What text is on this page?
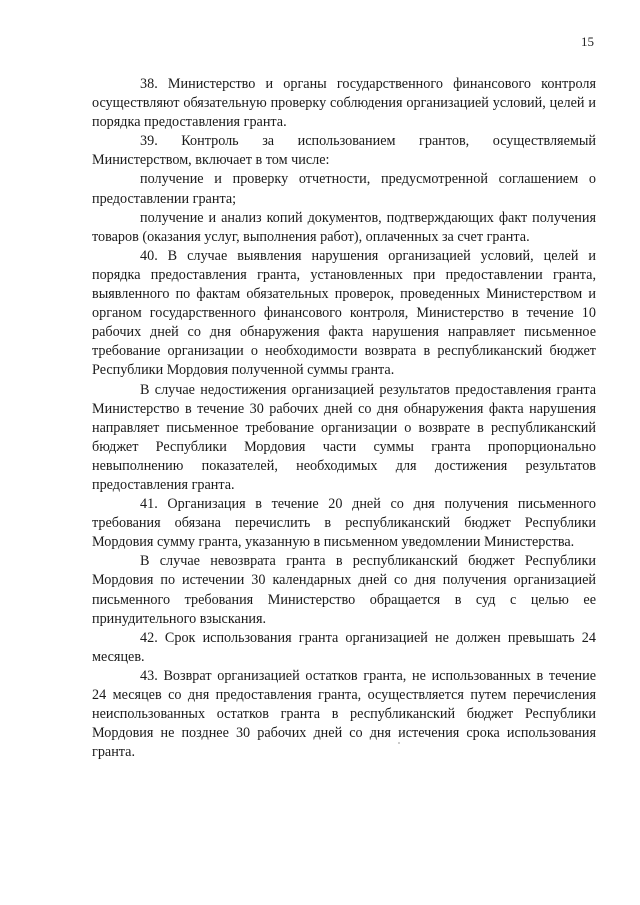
15

38. Министерство и органы государственного финансового контроля осуществляют обязательную проверку соблюдения организацией условий, целей и порядка предоставления гранта.

39. Контроль за использованием грантов, осуществляемый Министерством, включает в том числе:

получение и проверку отчетности, предусмотренной соглашением о предоставлении гранта;

получение и анализ копий документов, подтверждающих факт получения товаров (оказания услуг, выполнения работ), оплаченных за счет гранта.

40. В случае выявления нарушения организацией условий, целей и порядка предоставления гранта, установленных при предоставлении гранта, выявленного по фактам обязательных проверок, проведенных Министерством и органом государственного финансового контроля, Министерство в течение 10 рабочих дней со дня обнаружения факта нарушения направляет письменное требование организации о необходимости возврата в республиканский бюджет Республики Мордовия полученной суммы гранта.

В случае недостижения организацией результатов предоставления гранта Министерство в течение 30 рабочих дней со дня обнаружения факта нарушения направляет письменное требование организации о возврате в республиканский бюджет Республики Мордовия части суммы гранта пропорционально невыполнению показателей, необходимых для достижения результатов предоставления гранта.

41. Организация в течение 20 дней со дня получения письменного требования обязана перечислить в республиканский бюджет Республики Мордовия сумму гранта, указанную в письменном уведомлении Министерства.

В случае невозврата гранта в республиканский бюджет Республики Мордовия по истечении 30 календарных дней со дня получения организацией письменного требования Министерство обращается в суд с целью ее принудительного взыскания.

42. Срок использования гранта организацией не должен превышать 24 месяцев.

43. Возврат организацией остатков гранта, не использованных в течение 24 месяцев со дня предоставления гранта, осуществляется путем перечисления неиспользованных остатков гранта в республиканский бюджет Республики Мордовия не позднее 30 рабочих дней со дня истечения срока использования гранта.
